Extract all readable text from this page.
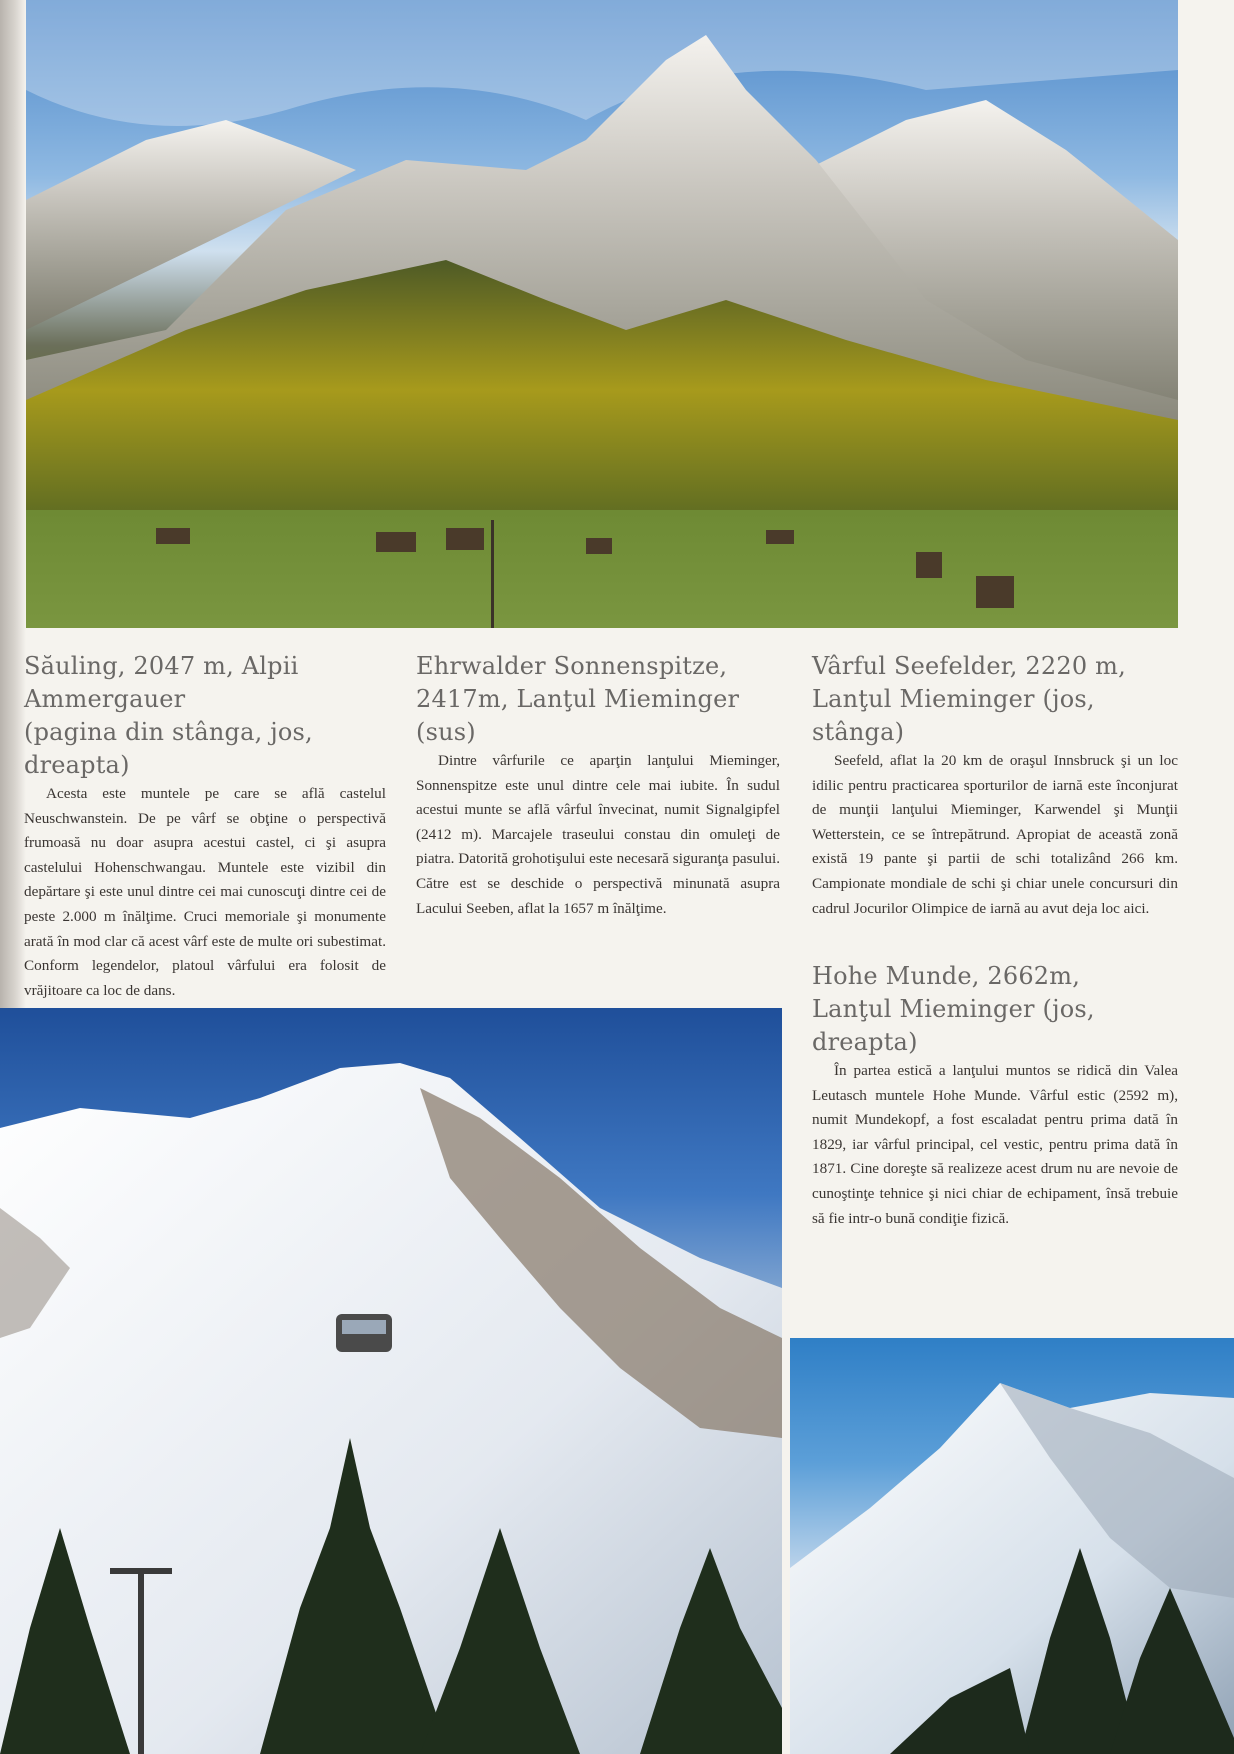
Săuling, 2047 m, Alpii Ammergauer
(pagina din stânga, jos, dreapta)

Acesta este muntele pe care se află castelul Neuschwanstein. De pe vârf se obţine o perspectivă frumoasă nu doar asupra acestui castel, ci şi asupra castelului Hohenschwangau. Muntele este vizibil din depărtare şi este unul dintre cei mai cunoscuţi dintre cei de peste 2.000 m înălţime. Cruci memoriale şi monumente arată în mod clar că acest vârf este de multe ori subestimat. Conform legendelor, platoul vârfului era folosit de vrăjitoare ca loc de dans.

Ehrwalder Sonnenspitze,
2417m, Lanţul Mieminger (sus)

Dintre vârfurile ce aparţin lanţului Mieminger, Sonnenspitze este unul dintre cele mai iubite. În sudul acestui munte se află vârful învecinat, numit Signalgipfel (2412 m). Marcajele traseului constau din omuleţi de piatra. Datorită grohotişului este necesară siguranţa pasului. Către est se deschide o perspectivă minunată asupra Lacului Seeben, aflat la 1657 m înălţime.

Vârful Seefelder, 2220 m,
Lanţul Mieminger (jos, stânga)

Seefeld, aflat la 20 km de oraşul Innsbruck şi un loc idilic pentru practicarea sporturilor de iarnă este înconjurat de munţii lanţului Mieminger, Karwendel şi Munţii Wetterstein, ce se întrepătrund. Apropiat de această zonă există 19 pante şi partii de schi totalizând 266 km. Campionate mondiale de schi şi chiar unele concursuri din cadrul Jocurilor Olimpice de iarnă au avut deja loc aici.

Hohe Munde, 2662m,
Lanţul Mieminger (jos, dreapta)

În partea estică a lanţului muntos se ridică din Valea Leutasch muntele Hohe Munde. Vârful estic (2592 m), numit Mundekopf, a fost escaladat pentru prima dată în 1829, iar vârful principal, cel vestic, pentru prima dată în 1871. Cine doreşte să realizeze acest drum nu are nevoie de cunoştinţe tehnice şi nici chiar de echipament, însă trebuie să fie intr-o bună condiţie fizică.
